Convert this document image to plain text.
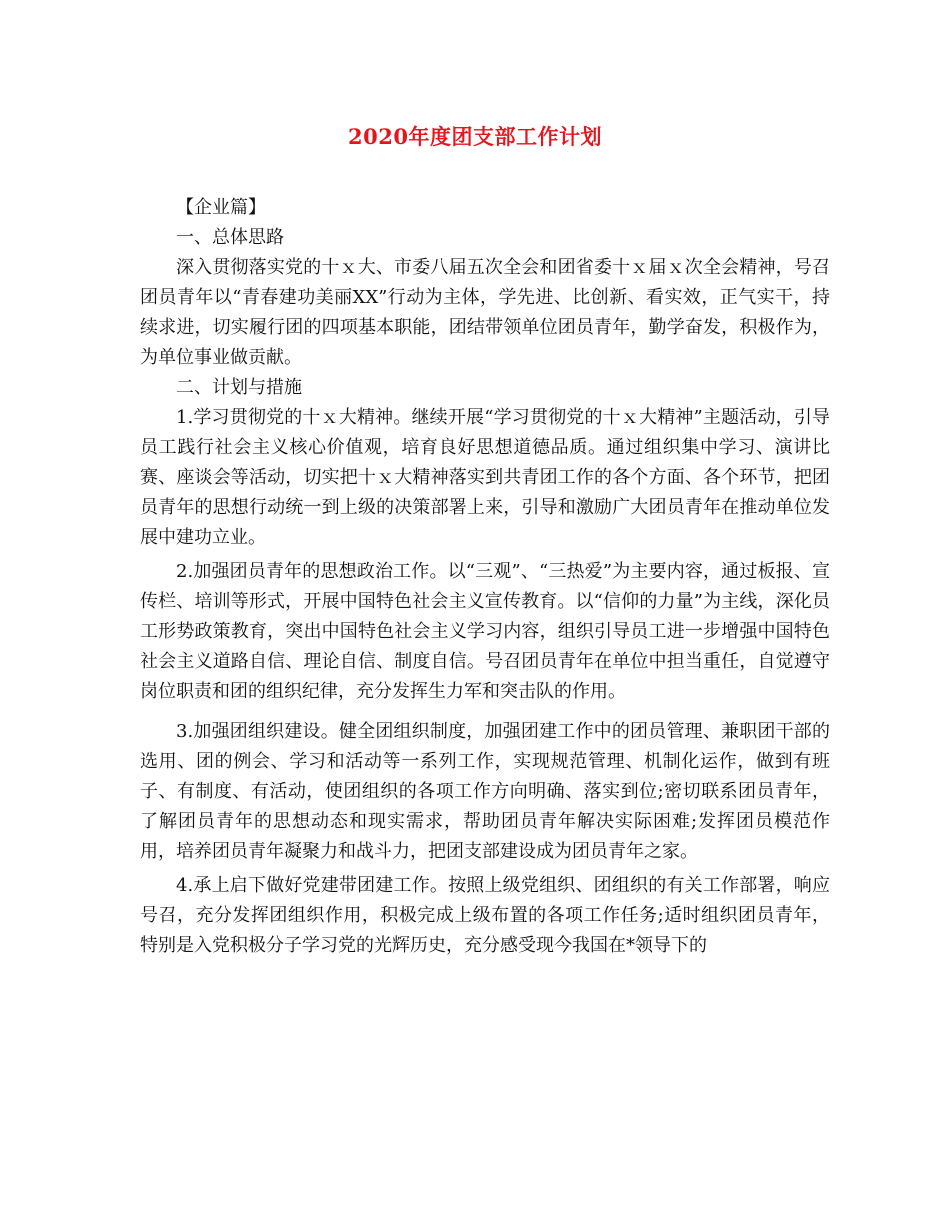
2020年度团支部工作计划

【企业篇】

一、总体思路

深入贯彻落实党的十ｘ大、市委八届五次全会和团省委十ｘ届ｘ次全会精神，号召团员青年以“青春建功美丽XX”行动为主体，学先进、比创新、看实效，正气实干，持续求进，切实履行团的四项基本职能，团结带领单位团员青年，勤学奋发，积极作为，为单位事业做贡献。

二、计划与措施

1.学习贯彻党的十ｘ大精神。继续开展“学习贯彻党的十ｘ大精神”主题活动，引导员工践行社会主义核心价值观，培育良好思想道德品质。通过组织集中学习、演讲比赛、座谈会等活动，切实把十ｘ大精神落实到共青团工作的各个方面、各个环节，把团员青年的思想行动统一到上级的决策部署上来，引导和激励广大团员青年在推动单位发展中建功立业。

2.加强团员青年的思想政治工作。以“三观”、“三热爱”为主要内容，通过板报、宣传栏、培训等形式，开展中国特色社会主义宣传教育。以“信仰的力量”为主线，深化员工形势政策教育，突出中国特色社会主义学习内容，组织引导员工进一步增强中国特色社会主义道路自信、理论自信、制度自信。号召团员青年在单位中担当重任，自觉遵守岗位职责和团的组织纪律，充分发挥生力军和突击队的作用。

3.加强团组织建设。健全团组织制度，加强团建工作中的团员管理、兼职团干部的选用、团的例会、学习和活动等一系列工作，实现规范管理、机制化运作，做到有班子、有制度、有活动，使团组织的各项工作方向明确、落实到位;密切联系团员青年，了解团员青年的思想动态和现实需求，帮助团员青年解决实际困难;发挥团员模范作用，培养团员青年凝聚力和战斗力，把团支部建设成为团员青年之家。

4.承上启下做好党建带团建工作。按照上级党组织、团组织的有关工作部署，响应号召，充分发挥团组织作用，积极完成上级布置的各项工作任务;适时组织团员青年，特别是入党积极分子学习党的光辉历史，充分感受现今我国在*领导下的
